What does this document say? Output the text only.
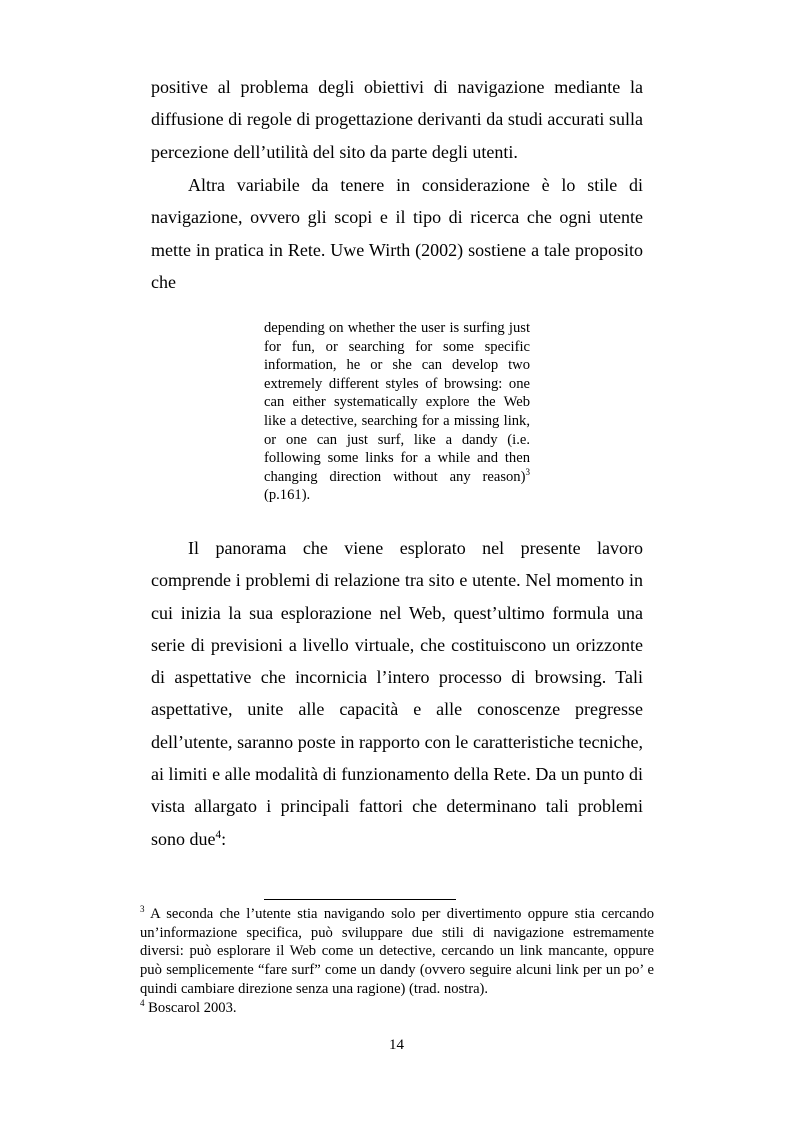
positive al problema degli obiettivi di navigazione mediante la diffusione di regole di progettazione derivanti da studi accurati sulla percezione dell’utilità del sito da parte degli utenti.

Altra variabile da tenere in considerazione è lo stile di navigazione, ovvero gli scopi e il tipo di ricerca che ogni utente mette in pratica in Rete. Uwe Wirth (2002) sostiene a tale proposito che

depending on whether the user is surfing just for fun, or searching for some specific information, he or she can develop two extremely different styles of browsing: one can either systematically explore the Web like a detective, searching for a missing link, or one can just surf, like a dandy (i.e. following some links for a while and then changing direction without any reason)$^3$ (p.161).

Il panorama che viene esplorato nel presente lavoro comprende i problemi di relazione tra sito e utente. Nel momento in cui inizia la sua esplorazione nel Web, quest’ultimo formula una serie di previsioni a livello virtuale, che costituiscono un orizzonte di aspettative che incornicia l’intero processo di browsing. Tali aspettative, unite alle capacità e alle conoscenze pregresse dell’utente, saranno poste in rapporto con le caratteristiche tecniche, ai limiti e alle modalità di funzionamento della Rete. Da un punto di vista allargato i principali fattori che determinano tali problemi sono due$^4$:

$^3$ A seconda che l’utente stia navigando solo per divertimento oppure stia cercando un’informazione specifica, può sviluppare due stili di navigazione estremamente diversi: può esplorare il Web come un detective, cercando un link mancante, oppure può semplicemente “fare surf” come un dandy (ovvero seguire alcuni link per un po’ e quindi cambiare direzione senza una ragione) (trad. nostra).

$^4$ Boscarol 2003.

14
